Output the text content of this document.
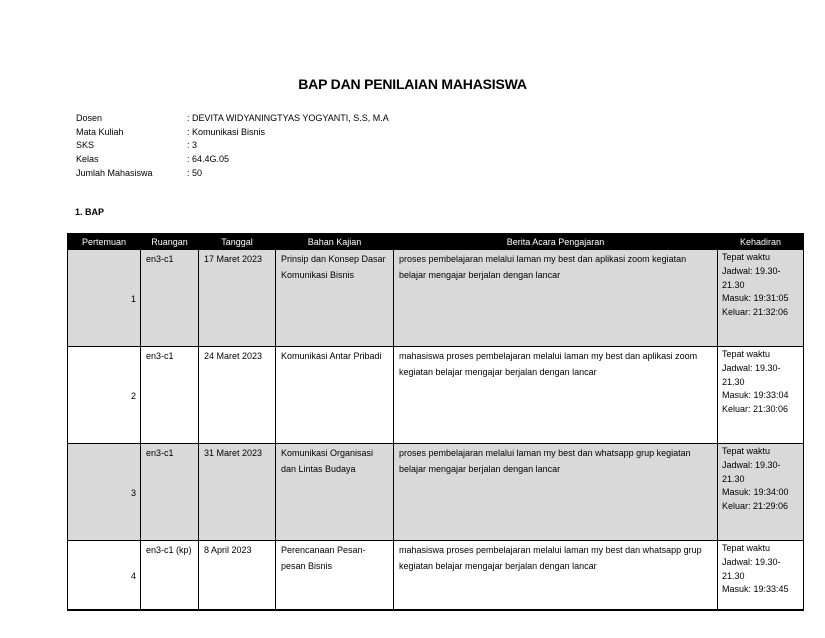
BAP DAN PENILAIAN MAHASISWA
Dosen	: DEVITA WIDYANINGTYAS YOGYANTI, S.S, M.A
Mata Kuliah	: Komunikasi Bisnis
SKS	: 3
Kelas	: 64.4G.05
Jumlah Mahasiswa	: 50
1. BAP
Pertemuan	Ruangan	Tanggal	Bahan Kajian	Berita Acara Pengajaran	Kehadiran
1	en3-c1	17 Maret 2023	Prinsip dan Konsep Dasar Komunikasi Bisnis	proses pembelajaran melalui laman my best dan aplikasi zoom kegiatan belajar mengajar berjalan dengan lancar	Tepat waktu
Jadwal: 19.30-21.30
Masuk: 19:31:05
Keluar: 21:32:06

2	en3-c1	24 Maret 2023	Komunikasi Antar Pribadi	mahasiswa proses pembelajaran melalui laman my best dan aplikasi zoom kegiatan belajar mengajar berjalan dengan lancar	Tepat waktu
Jadwal: 19.30-21.30
Masuk: 19:33:04
Keluar: 21:30:06

3	en3-c1	31 Maret 2023	Komunikasi Organisasi dan Lintas Budaya	proses pembelajaran melalui laman my best dan whatsapp grup kegiatan belajar mengajar berjalan dengan lancar	Tepat waktu
Jadwal: 19.30-21.30
Masuk: 19:34:00
Keluar: 21:29:06

4	en3-c1 (kp)	8 April 2023	Perencanaan Pesan-pesan Bisnis	mahasiswa proses pembelajaran melalui laman my best dan whatsapp grup kegiatan belajar mengajar berjalan dengan lancar	Tepat waktu
Jadwal: 19.30-21.30
Masuk: 19:33:45
